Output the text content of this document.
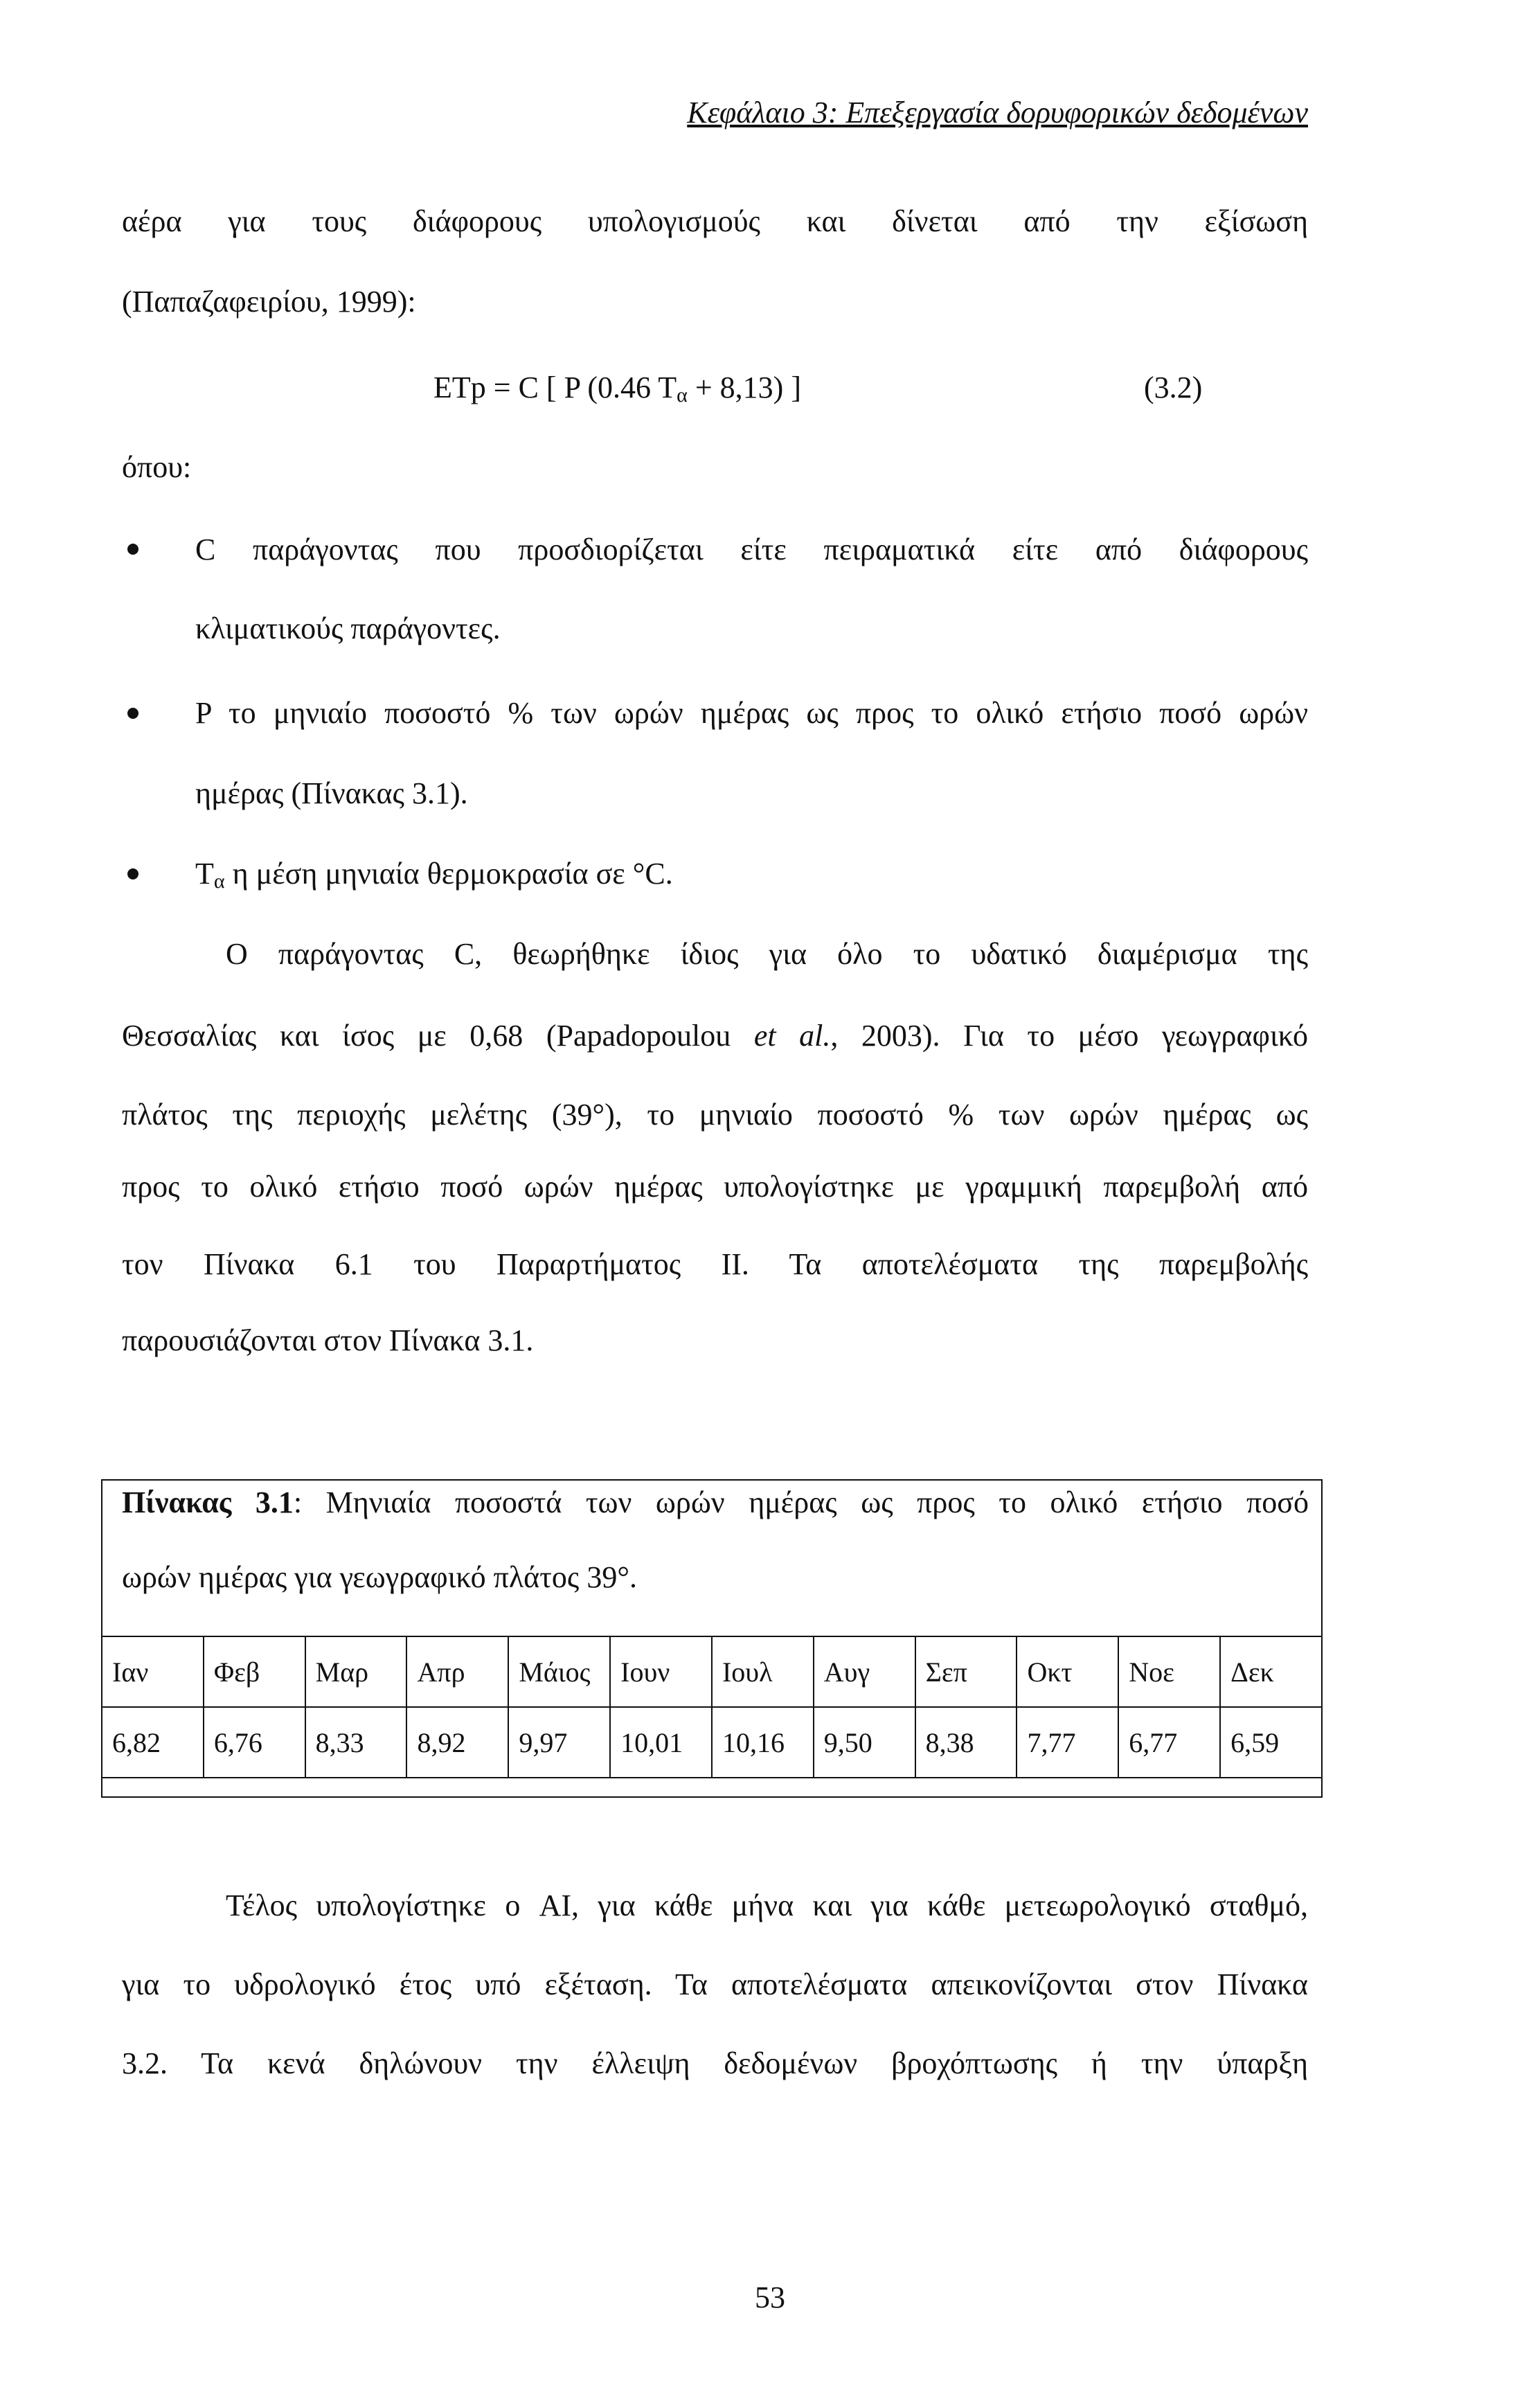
Κεφάλαιο 3: Επεξεργασία δορυφορικών δεδομένων
αέρα για τους διάφορους υπολογισμούς και δίνεται από την εξίσωση
(Παπαζαφειρίου, 1999):
ETp = C [ P (0.46 $T_\alpha + 8,13$) ]	(3.2)
όπου:
C παράγοντας που προσδιορίζεται είτε πειραματικά είτε από διάφορους
κλιματικούς παράγοντες.
P το μηνιαίο ποσοστό % των ωρών ημέρας ως προς το ολικό ετήσιο ποσό ωρών
ημέρας (Πίνακας 3.1).
$T_\alpha$ η μέση μηνιαία θερμοκρασία σε °C.
Ο παράγοντας C, θεωρήθηκε ίδιος για όλο το υδατικό διαμέρισμα της
Θεσσαλίας και ίσος με 0,68 (Papadopoulou et al., 2003). Για το μέσο γεωγραφικό
πλάτος της περιοχής μελέτης (39°), το μηνιαίο ποσοστό % των ωρών ημέρας ως
προς το ολικό ετήσιο ποσό ωρών ημέρας υπολογίστηκε με γραμμική παρεμβολή από
τον Πίνακα 6.1 του Παραρτήματος ΙΙ. Τα αποτελέσματα της παρεμβολής
παρουσιάζονται στον Πίνακα 3.1.
Πίνακας 3.1: Μηνιαία ποσοστά των ωρών ημέρας ως προς το ολικό ετήσιο ποσό
ωρών ημέρας για γεωγραφικό πλάτος 39°.
Ιαν	Φεβ	Μαρ	Απρ	Μάιος	Ιουν	Ιουλ	Αυγ	Σεπ	Οκτ	Νοε	Δεκ
6,82	6,76	8,33	8,92	9,97	10,01	10,16	9,50	8,38	7,77	6,77	6,59
Τέλος υπολογίστηκε ο AI, για κάθε μήνα και για κάθε μετεωρολογικό σταθμό,
για το υδρολογικό έτος υπό εξέταση. Τα αποτελέσματα απεικονίζονται στον Πίνακα
3.2. Τα κενά δηλώνουν την έλλειψη δεδομένων βροχόπτωσης ή την ύπαρξη
53
